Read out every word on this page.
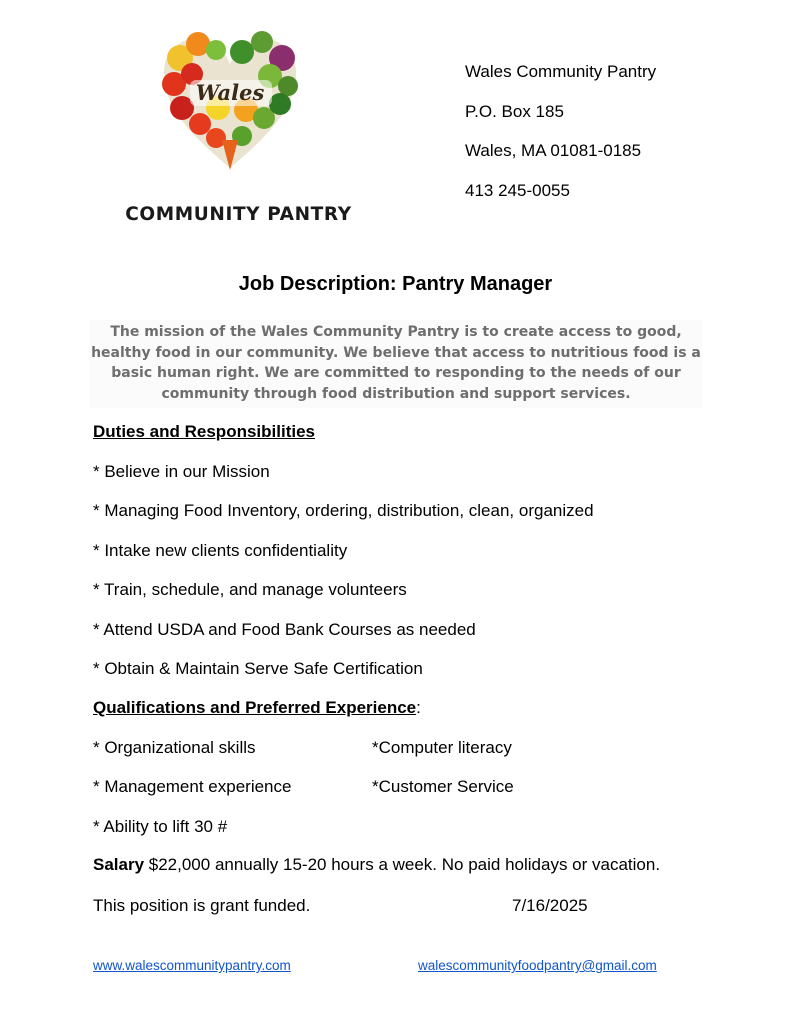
Wales
COMMUNITY PANTRY
Wales Community Pantry
P.O. Box 185
Wales, MA 01081-0185
413 245-0055
Job Description: Pantry Manager
The mission of the Wales Community Pantry is to create access to good, healthy food in our community. We believe that access to nutritious food is a basic human right. We are committed to responding to the needs of our community through food distribution and support services.
Duties and Responsibilities
* Believe in our Mission
* Managing Food Inventory, ordering, distribution, clean, organized
* Intake new clients confidentiality
* Train, schedule, and manage volunteers
* Attend USDA and Food Bank Courses as needed
* Obtain & Maintain Serve Safe Certification
Qualifications and Preferred Experience:
* Organizational skills	*Computer literacy
* Management experience	*Customer Service
* Ability to lift 30 #
Salary $22,000 annually 15-20 hours a week. No paid holidays or vacation.
This position is grant funded.	7/16/2025
www.walescommunitypantry.com	walescommunityfoodpantry@gmail.com
